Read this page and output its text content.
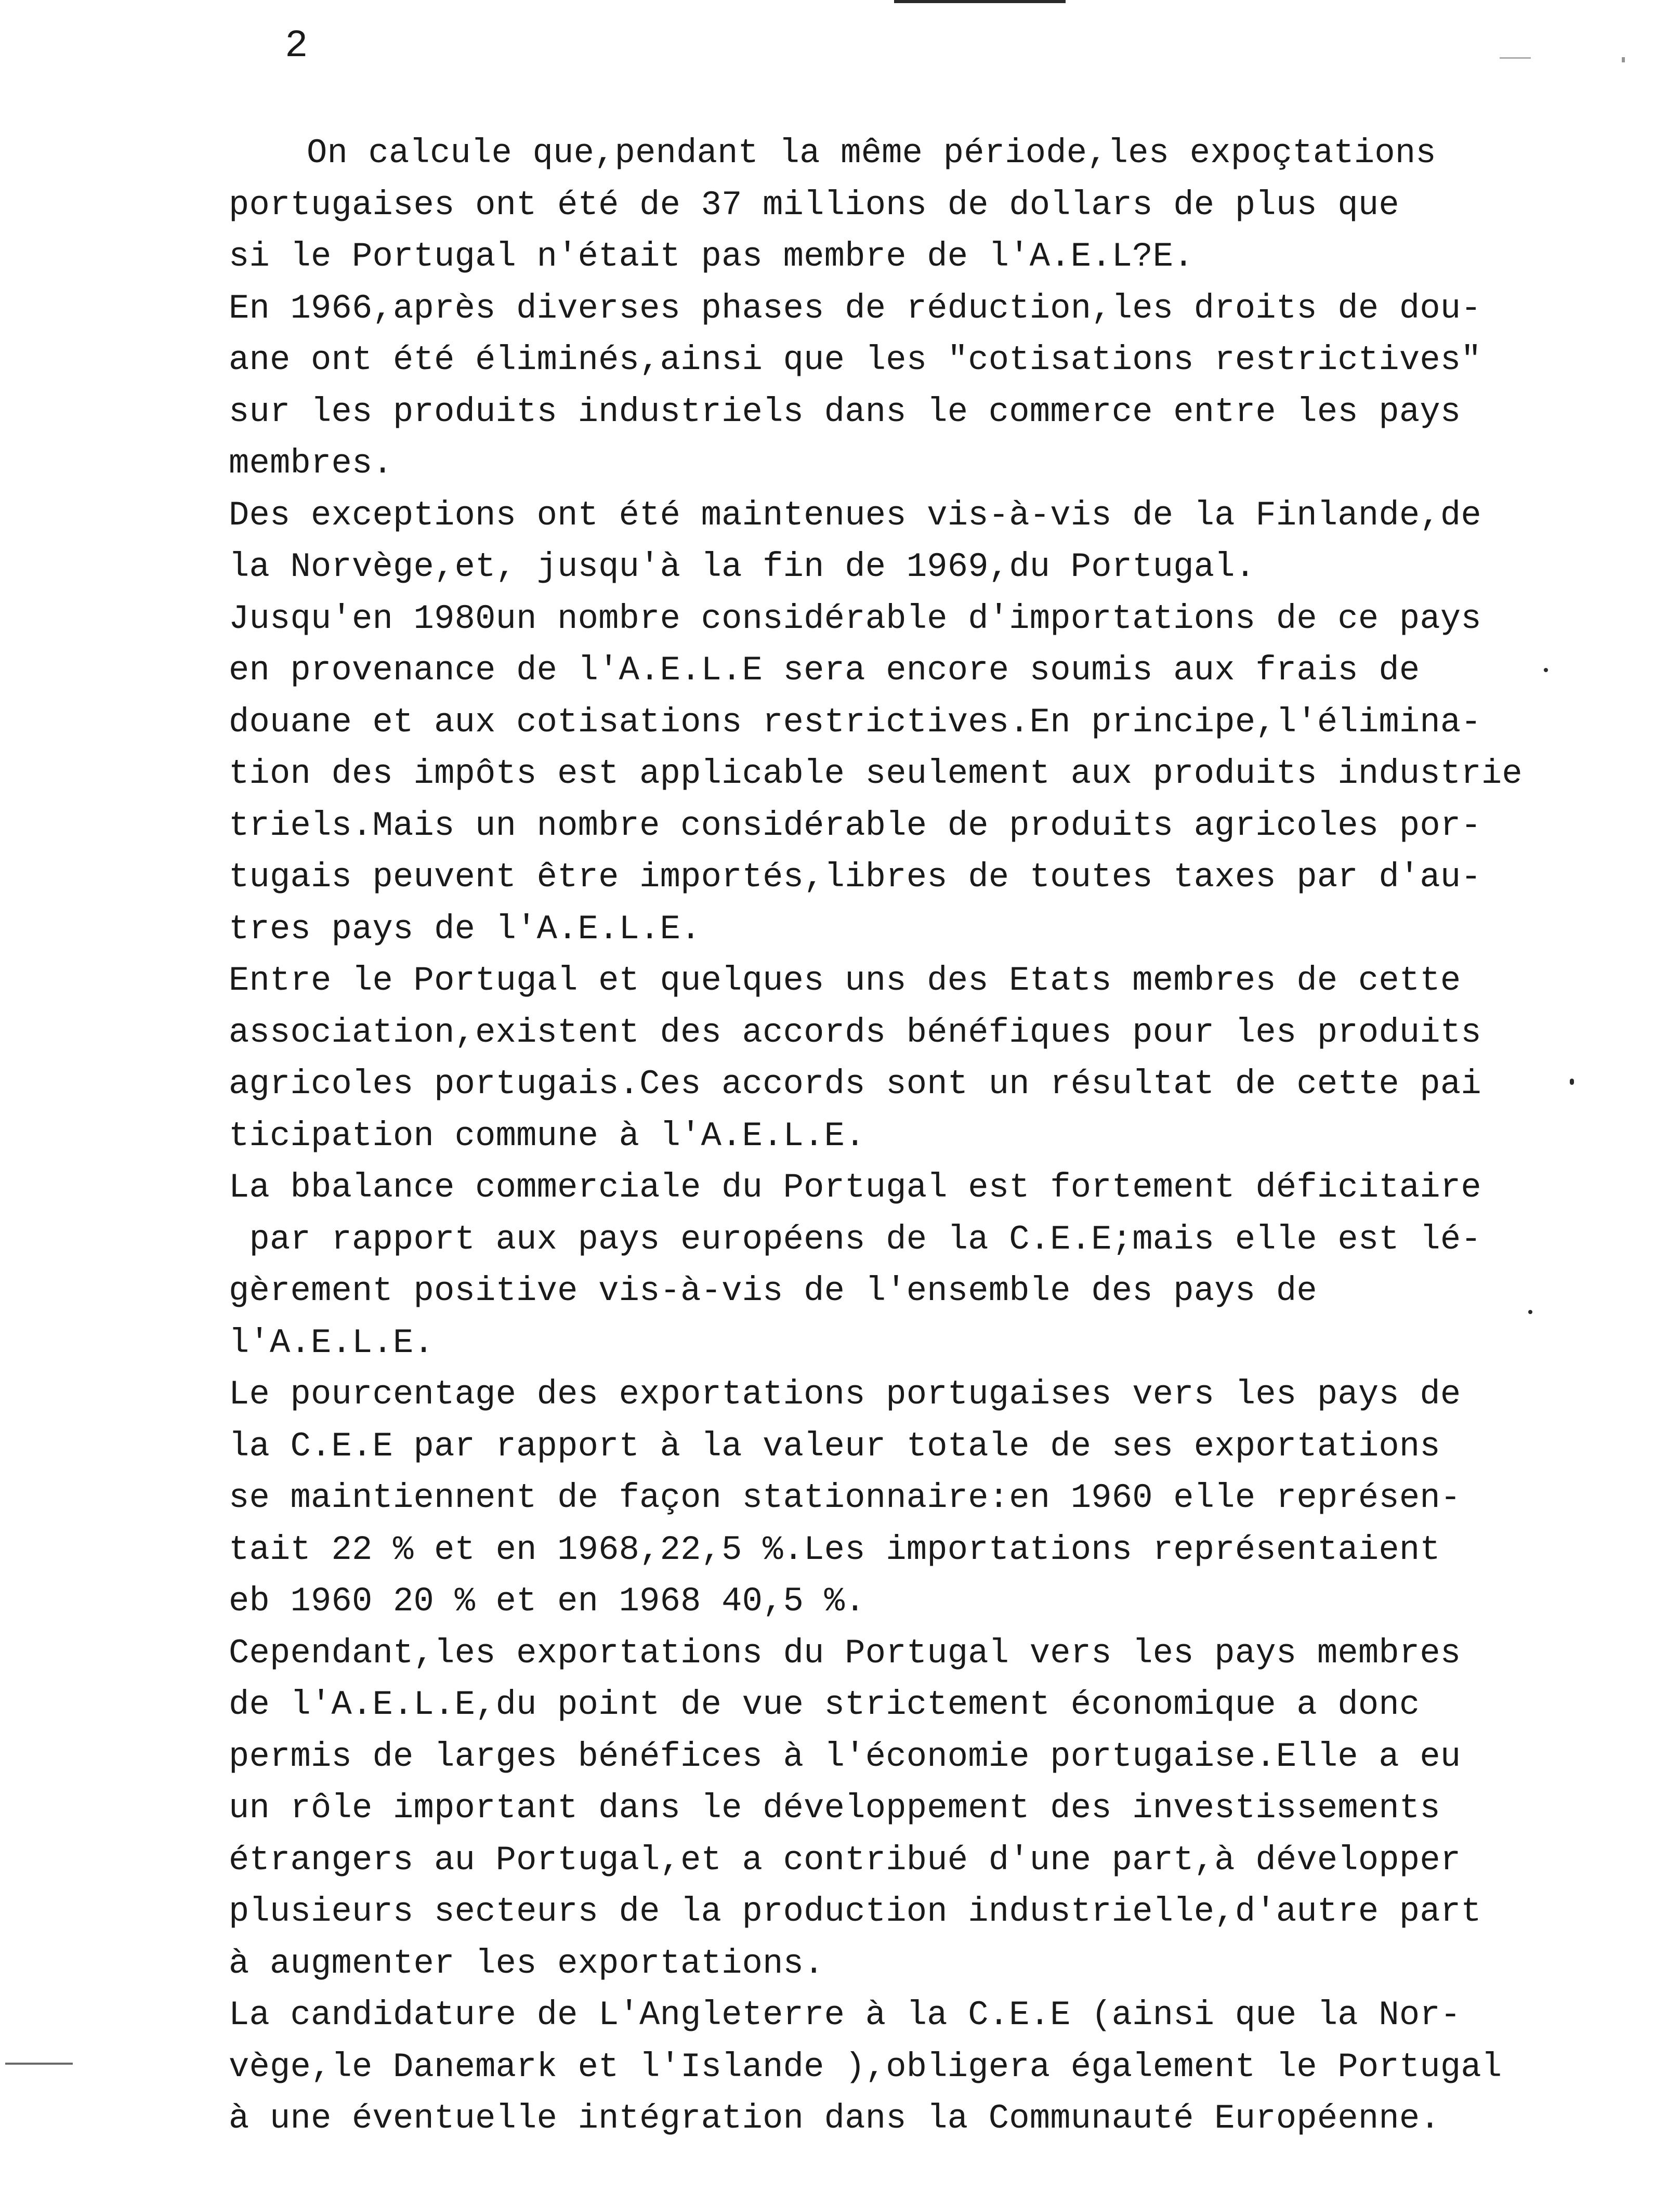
2
On calcule que,pendant la même période,les expoçtations
portugaises ont été de 37 millions de dollars de plus que
si le Portugal n'était pas membre de l'A.E.L?E.
En 1966,après diverses phases de réduction,les droits de dou-
ane ont été éliminés,ainsi que les "cotisations restrictives"
sur les produits industriels dans le commerce entre les pays
membres.
Des exceptions ont été maintenues vis-à-vis de la Finlande,de
la Norvège,et, jusqu'à la fin de 1969,du Portugal.
Jusqu'en 1980un nombre considérable d'importations de ce pays
en provenance de l'A.E.L.E sera encore soumis aux frais de
douane et aux cotisations restrictives.En principe,l'élimina-
tion des impôts est applicable seulement aux produits industrie
triels.Mais un nombre considérable de produits agricoles por-
tugais peuvent être importés,libres de toutes taxes par d'au-
tres pays de l'A.E.L.E.
Entre le Portugal et quelques uns des Etats membres de cette
association,existent des accords bénéfiques pour les produits
agricoles portugais.Ces accords sont un résultat de cette pai
ticipation commune à l'A.E.L.E.
La bbalance commerciale du Portugal est fortement déficitaire
par rapport aux pays européens de la C.E.E;mais elle est lé-
gèrement positive vis-à-vis de l'ensemble des pays de
l'A.E.L.E.
Le pourcentage des exportations portugaises vers les pays de
la C.E.E par rapport à la valeur totale de ses exportations
se maintiennent de façon stationnaire:en 1960 elle représen-
tait 22 % et en 1968,22,5 %.Les importations représentaient
eb 1960 20 % et en 1968 40,5 %.
Cependant,les exportations du Portugal vers les pays membres
de l'A.E.L.E,du point de vue strictement économique a donc
permis de larges bénéfices à l'économie portugaise.Elle a eu
un rôle important dans le développement des investissements
étrangers au Portugal,et a contribué d'une part,à développer
plusieurs secteurs de la production industrielle,d'autre part
à augmenter les exportations.
La candidature de L'Angleterre à la C.E.E (ainsi que la Nor-
vège,le Danemark et l'Islande ),obligera également le Portugal
à une éventuelle intégration dans la Communauté Européenne.
